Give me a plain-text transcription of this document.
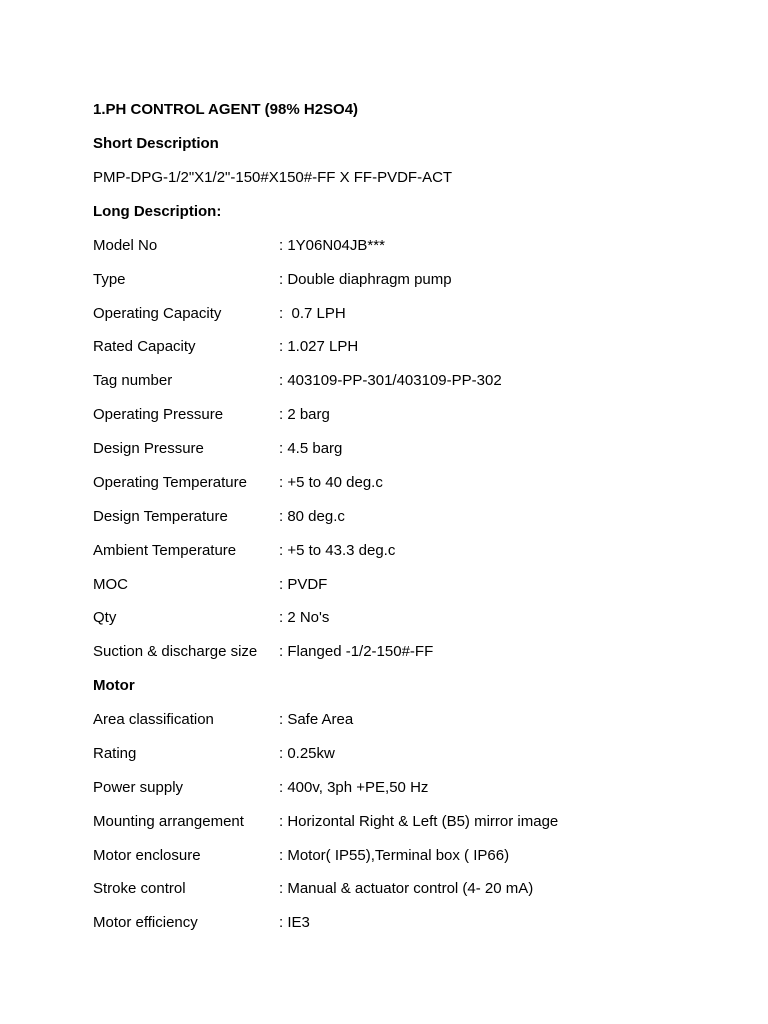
1.PH CONTROL AGENT (98% H2SO4)
Short Description
PMP-DPG-1/2"X1/2"-150#X150#-FF X FF-PVDF-ACT
Long Description:
Model No	: 1Y06N04JB***
Type	: Double diaphragm pump
Operating Capacity	:  0.7 LPH
Rated Capacity	: 1.027 LPH
Tag number	: 403109-PP-301/403109-PP-302
Operating Pressure	: 2 barg
Design Pressure	: 4.5 barg
Operating Temperature : +5 to 40 deg.c
Design Temperature	: 80 deg.c
Ambient Temperature	: +5 to 43.3 deg.c
MOC	: PVDF
Qty	: 2 No's
Suction & discharge size : Flanged -1/2-150#-FF
Motor
Area classification	: Safe Area
Rating	: 0.25kw
Power supply	: 400v, 3ph +PE,50 Hz
Mounting arrangement : Horizontal Right & Left (B5) mirror image
Motor enclosure	: Motor( IP55),Terminal box ( IP66)
Stroke control	: Manual & actuator control (4- 20 mA)
Motor efficiency	: IE3
